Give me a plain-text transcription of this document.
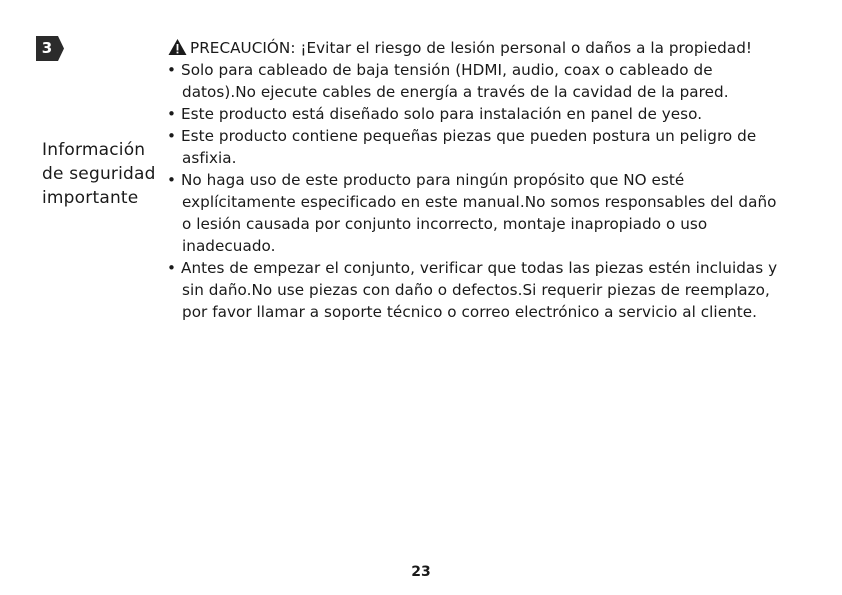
3
Información
de seguridad
importante
PRECAUCIÓN: ¡Evitar el riesgo de lesión personal o daños a la propiedad!
• Solo para cableado de baja tensión (HDMI, audio, coax o cableado de
datos).No ejecute cables de energía a través de la cavidad de la pared.
• Este producto está diseñado solo para instalación en panel de yeso.
• Este producto contiene pequeñas piezas que pueden postura un peligro de
asfixia.
• No haga uso de este producto para ningún propósito que NO esté
explícitamente especificado en este manual.No somos responsables del daño
o lesión causada por conjunto incorrecto, montaje inapropiado o uso
inadecuado.
• Antes de empezar el conjunto, verificar que todas las piezas estén incluidas y
sin daño.No use piezas con daño o defectos.Si requerir piezas de reemplazo,
por favor llamar a soporte técnico o correo electrónico a servicio al cliente.
23
